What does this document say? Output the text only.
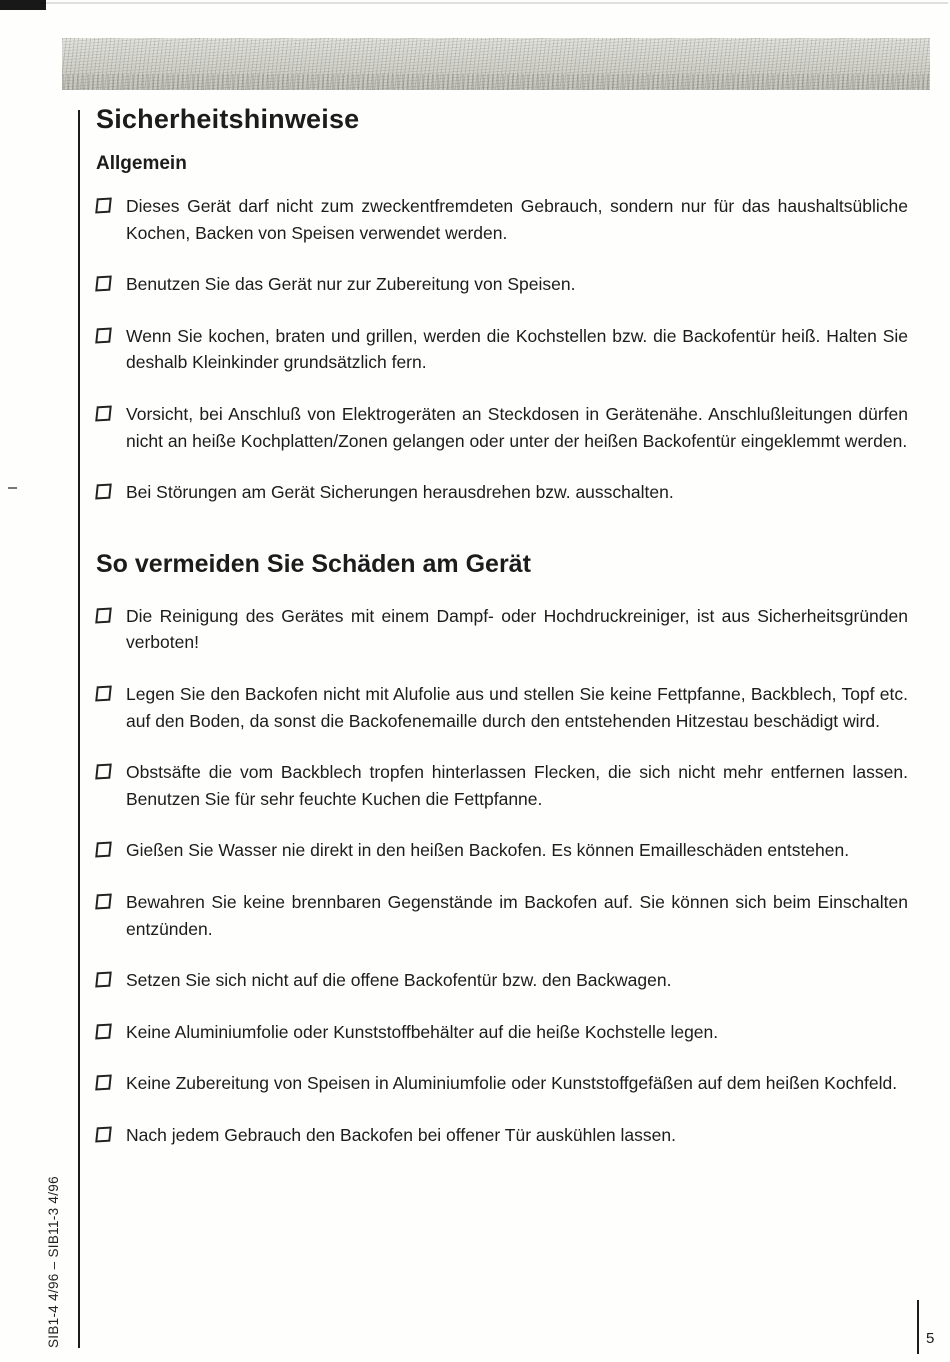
Sicherheitshinweise
Allgemein

Dieses Gerät darf nicht zum zweckentfremdeten Gebrauch, sondern nur für das haushaltsübliche Kochen, Backen von Speisen verwendet werden.

Benutzen Sie das Gerät nur zur Zubereitung von Speisen.

Wenn Sie kochen, braten und grillen, werden die Kochstellen bzw. die Backofentür heiß. Halten Sie deshalb Kleinkinder grundsätzlich fern.

Vorsicht, bei Anschluß von Elektrogeräten an Steckdosen in Gerätenähe. Anschlußleitungen dürfen nicht an heiße Kochplatten/Zonen gelangen oder unter der heißen Backofentür eingeklemmt werden.

Bei Störungen am Gerät Sicherungen herausdrehen bzw. ausschalten.

So vermeiden Sie Schäden am Gerät

Die Reinigung des Gerätes mit einem Dampf- oder Hochdruckreiniger, ist aus Sicherheitsgründen verboten!

Legen Sie den Backofen nicht mit Alufolie aus und stellen Sie keine Fettpfanne, Backblech, Topf etc. auf den Boden, da sonst die Backofenemaille durch den entstehenden Hitzestau beschädigt wird.

Obstsäfte die vom Backblech tropfen hinterlassen Flecken, die sich nicht mehr entfernen lassen. Benutzen Sie für sehr feuchte Kuchen die Fettpfanne.

Gießen Sie Wasser nie direkt in den heißen Backofen. Es können Emailleschäden entstehen.

Bewahren Sie keine brennbaren Gegenstände im Backofen auf. Sie können sich beim Einschalten entzünden.

Setzen Sie sich nicht auf die offene Backofentür bzw. den Backwagen.

Keine Aluminiumfolie oder Kunststoffbehälter auf die heiße Kochstelle legen.

Keine Zubereitung von Speisen in Aluminiumfolie oder Kunststoffgefäßen auf dem heißen Kochfeld.

Nach jedem Gebrauch den Backofen bei offener Tür auskühlen lassen.

SIB1-4 4/96 – SIB11-3 4/96	5
